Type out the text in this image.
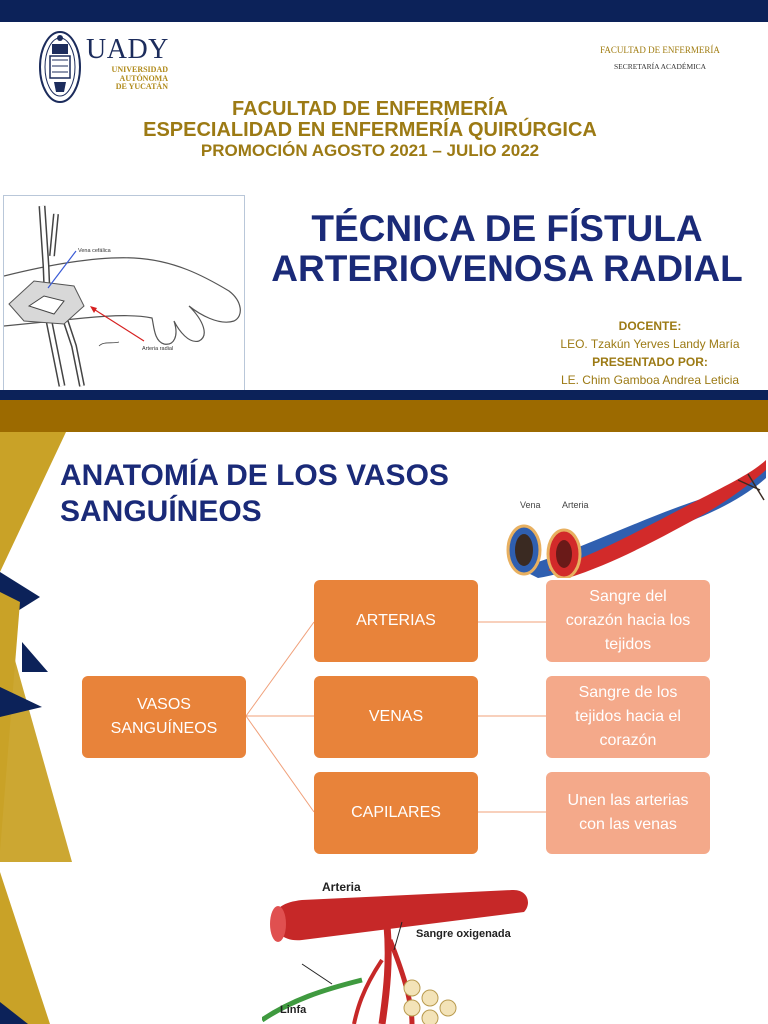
UADY
UNIVERSIDAD
AUTÓNOMA
DE YUCATÁN
FACULTAD DE ENFERMERÍA
SECRETARÍA ACADÉMICA
FACULTAD DE ENFERMERÍA
ESPECIALIDAD EN ENFERMERÍA QUIRÚRGICA
PROMOCIÓN AGOSTO 2021 – JULIO 2022
Vena cefálica
Arteria radial
TÉCNICA DE FÍSTULA
ARTERIOVENOSA RADIAL
DOCENTE:
LEO. Tzakún Yerves Landy María
PRESENTADO POR:
LE. Chim Gamboa Andrea Leticia
ANATOMÍA DE LOS VASOS
SANGUÍNEOS	Vena Arteria
VASOS
SANGUÍNEOS
ARTERIAS
VENAS
CAPILARES
Sangre del
corazón hacia los
tejidos
Sangre de los
tejidos hacia el
corazón
Unen las arterias
con las venas
Arteria
Sangre oxigenada
Linfa
